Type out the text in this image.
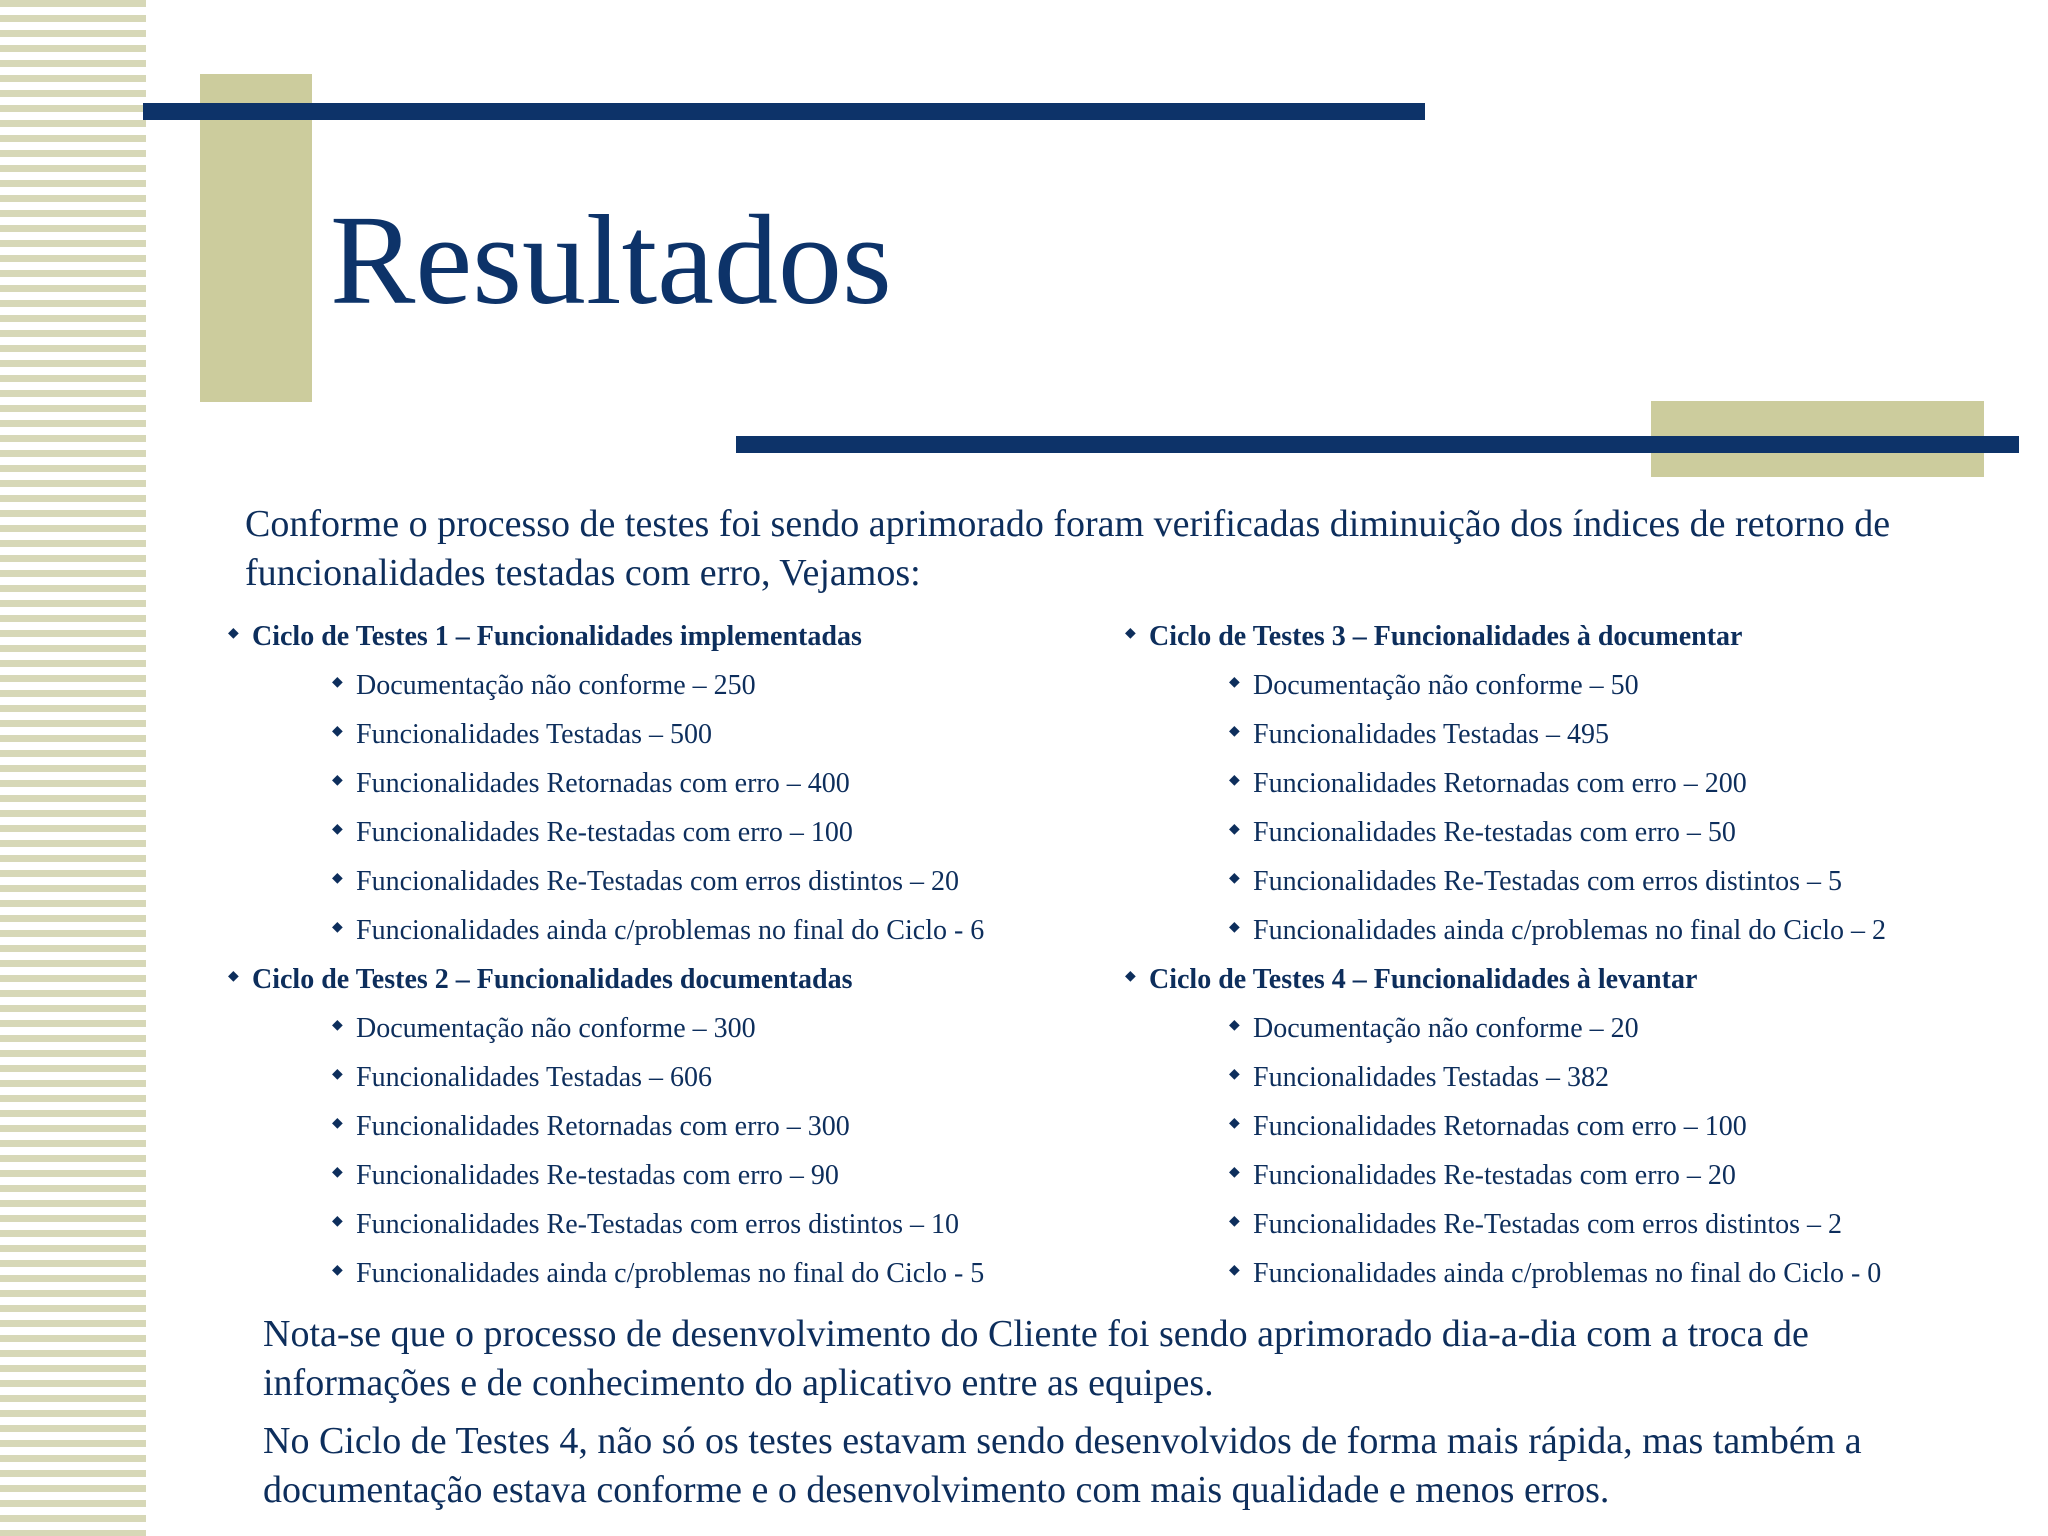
Resultados

Conforme o processo de testes foi sendo aprimorado foram verificadas diminuição dos índices de retorno de funcionalidades testadas com erro, Vejamos:

◆ Ciclo de Testes 1 – Funcionalidades implementadas
◆ Documentação não conforme – 250
◆ Funcionalidades Testadas – 500
◆ Funcionalidades Retornadas com erro – 400
◆ Funcionalidades Re-testadas com erro – 100
◆ Funcionalidades Re-Testadas com erros distintos – 20
◆ Funcionalidades ainda c/problemas no final do Ciclo - 6
◆ Ciclo de Testes 2 – Funcionalidades documentadas
◆ Documentação não conforme – 300
◆ Funcionalidades Testadas – 606
◆ Funcionalidades Retornadas com erro – 300
◆ Funcionalidades Re-testadas com erro – 90
◆ Funcionalidades Re-Testadas com erros distintos – 10
◆ Funcionalidades ainda c/problemas no final do Ciclo - 5
◆ Ciclo de Testes 3 – Funcionalidades à documentar
◆ Documentação não conforme – 50
◆ Funcionalidades Testadas – 495
◆ Funcionalidades Retornadas com erro – 200
◆ Funcionalidades Re-testadas com erro – 50
◆ Funcionalidades Re-Testadas com erros distintos – 5
◆ Funcionalidades ainda c/problemas no final do Ciclo – 2
◆ Ciclo de Testes 4 – Funcionalidades à levantar
◆ Documentação não conforme – 20
◆ Funcionalidades Testadas – 382
◆ Funcionalidades Retornadas com erro – 100
◆ Funcionalidades Re-testadas com erro – 20
◆ Funcionalidades Re-Testadas com erros distintos – 2
◆ Funcionalidades ainda c/problemas no final do Ciclo - 0

Nota-se que o processo de desenvolvimento do Cliente foi sendo aprimorado dia-a-dia com a troca de informações e de conhecimento do aplicativo entre as equipes.

No Ciclo de Testes 4, não só os testes estavam sendo desenvolvidos de forma mais rápida, mas também a documentação estava conforme e o desenvolvimento com mais qualidade e menos erros.
